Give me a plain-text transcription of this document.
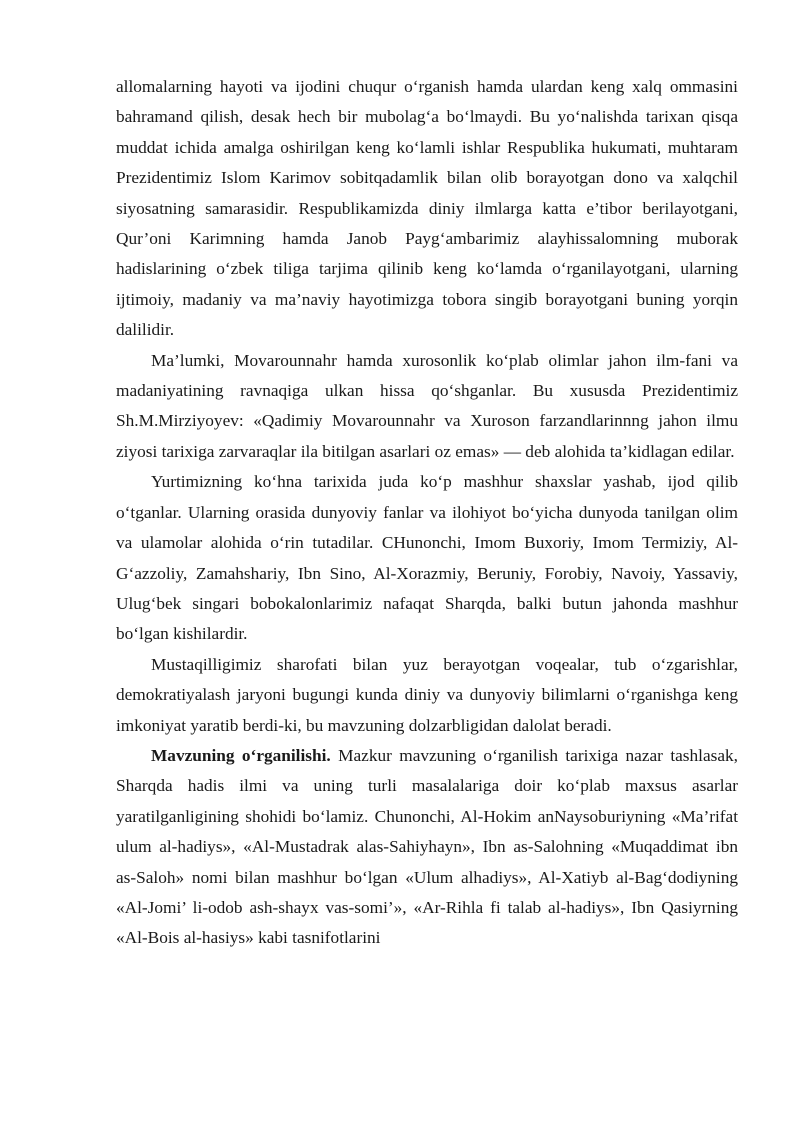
allomalarning hayoti va ijodini chuqur o‘rganish hamda ulardan keng xalq ommasini bahramand qilish, desak hech bir mubolag‘a bo‘lmaydi. Bu yo‘nalishda tarixan qisqa muddat ichida amalga oshirilgan keng ko‘lamli ishlar Respublika hukumati, muhtaram Prezidentimiz Islom Karimov sobitqadamlik bilan olib borayotgan dono va xalqchil siyosatning samarasidir. Respublikamizda diniy ilmlarga katta e’tibor berilayotgani, Qur’oni Karimning hamda Janob Payg‘ambarimiz alayhissalomning muborak hadislarining o‘zbek tiliga tarjima qilinib keng ko‘lamda o‘rganilayotgani, ularning ijtimoiy, madaniy va ma’naviy hayotimizga tobora singib borayotgani buning yorqin dalilidir.

Ma’lumki, Movarounnahr hamda xurosonlik ko‘plab olimlar jahon ilm-fani va madaniyatining ravnaqiga ulkan hissa qo‘shganlar. Bu xususda Prezidentimiz Sh.M.Mirziyoyev: «Qadimiy Movarounnahr va Xuroson farzandlarinnng jahon ilmu ziyosi tarixiga zarvaraqlar ila bitilgan asarlari oz emas» — deb alohida ta’kidlagan edilar.

Yurtimizning ko‘hna tarixida juda ko‘p mashhur shaxslar yashab, ijod qilib o‘tganlar. Ularning orasida dunyoviy fanlar va ilohiyot bo‘yicha dunyoda tanilgan olim va ulamolar alohida o‘rin tutadilar. CHunonchi, Imom Buxoriy, Imom Termiziy, Al-G‘azzoliy, Zamahshariy, Ibn Sino, Al-Xorazmiy, Beruniy, Forobiy, Navoiy, Yassaviy, Ulug‘bek singari bobokalonlarimiz nafaqat Sharqda, balki butun jahonda mashhur bo‘lgan kishilardir.

Mustaqilligimiz sharofati bilan yuz berayotgan voqealar, tub o‘zgarishlar, demokratiyalash jaryoni bugungi kunda diniy va dunyoviy bilimlarni o‘rganishga keng imkoniyat yaratib berdi-ki, bu mavzuning dolzarbligidan dalolat beradi.

Mavzuning o‘rganilishi. Mazkur mavzuning o‘rganilish tarixiga nazar tashlasak, Sharqda hadis ilmi va uning turli masalalariga doir ko‘plab maxsus asarlar yaratilganligining shohidi bo‘lamiz. Chunonchi, Al-Hokim anNaysoburiyning «Ma’rifat ulum al-hadiys», «Al-Mustadrak alas-Sahiyhayn», Ibn as-Salohning «Muqaddimat ibn as-Saloh» nomi bilan mashhur bo‘lgan «Ulum alhadiys», Al-Xatiyb al-Bag‘dodiyning «Al-Jomi’ li-odob ash-shayx vas-somi’», «Ar-Rihla fi talab al-hadiys», Ibn Qasiyrning «Al-Bois al-hasiys» kabi tasnifotlarini
